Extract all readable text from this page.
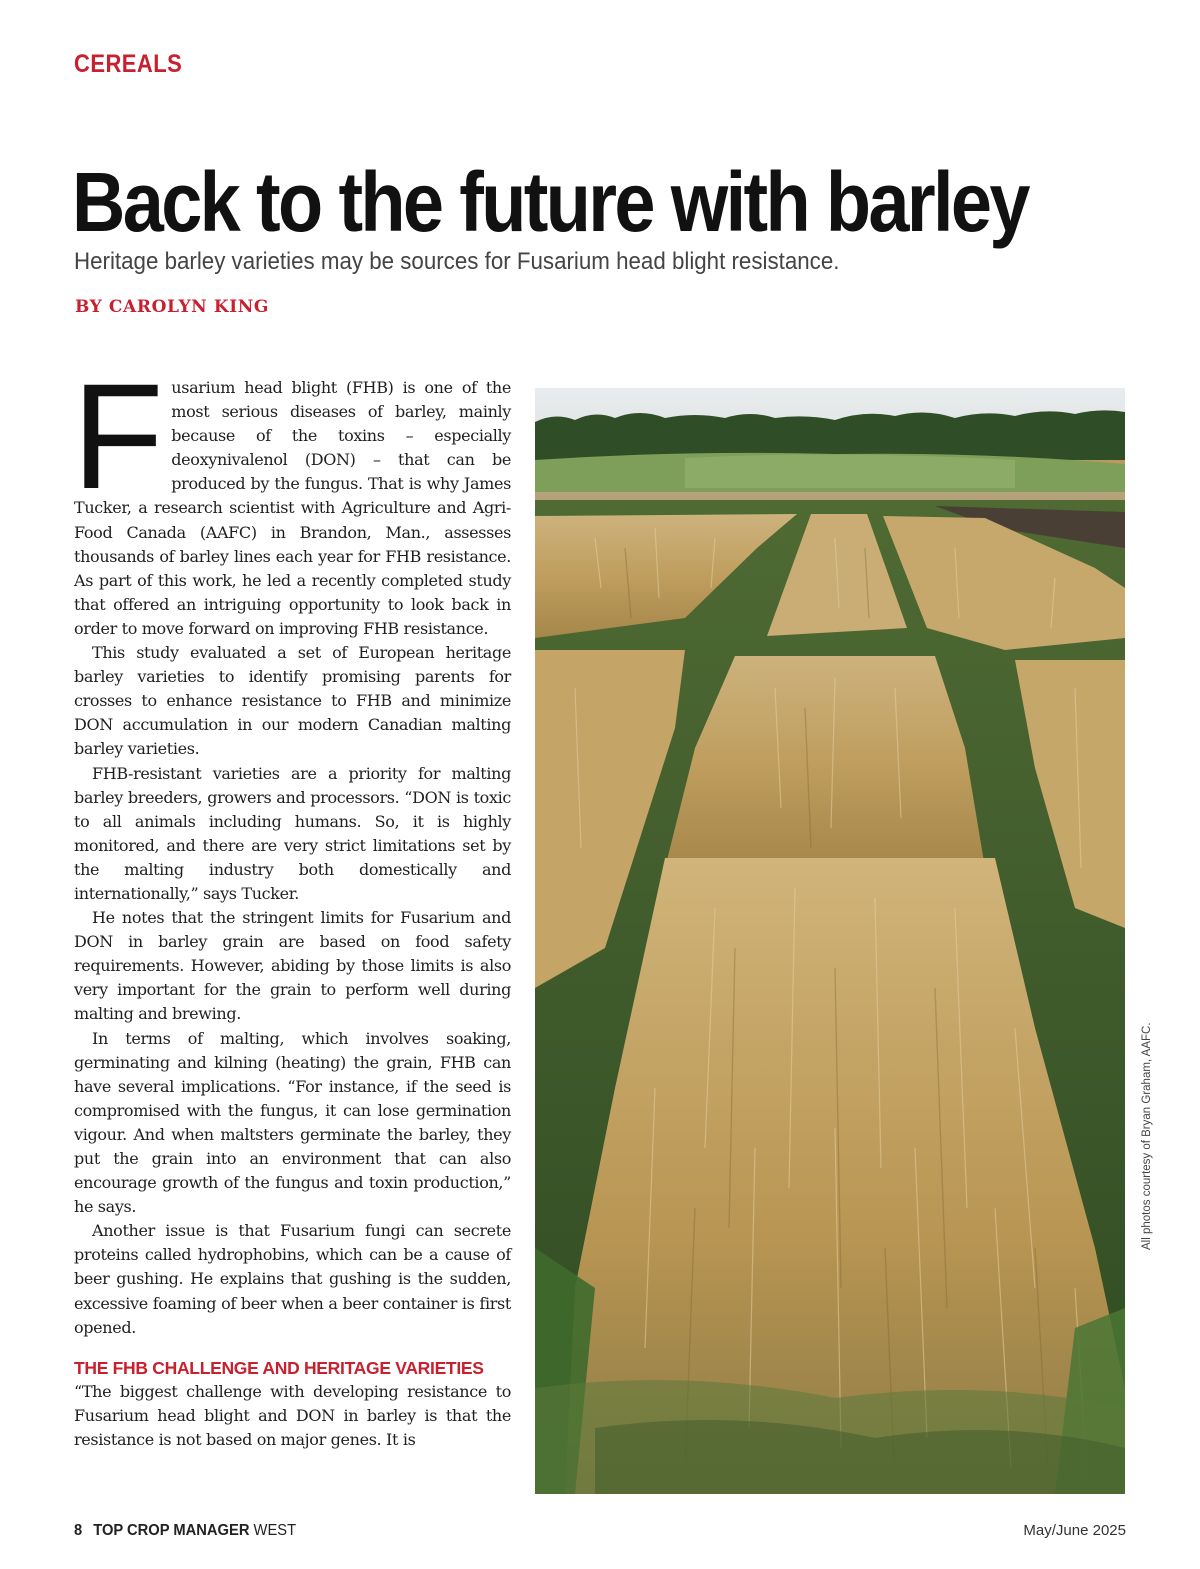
CEREALS
Back to the future with barley
Heritage barley varieties may be sources for Fusarium head blight resistance.
BY CAROLYN KING

Fusarium head blight (FHB) is one of the most serious diseases of barley, mainly because of the toxins – especially deoxynivalenol (DON) – that can be produced by the fungus. That is why James Tucker, a research scientist with Agriculture and Agri-Food Canada (AAFC) in Brandon, Man., assesses thousands of barley lines each year for FHB resistance. As part of this work, he led a recently completed study that offered an intriguing opportunity to look back in order to move forward on improving FHB resistance.

This study evaluated a set of European heritage barley varieties to identify promising parents for crosses to enhance resistance to FHB and minimize DON accumulation in our modern Canadian malting barley varieties.

FHB-resistant varieties are a priority for malting barley breeders, growers and processors. “DON is toxic to all animals including humans. So, it is highly monitored, and there are very strict limitations set by the malting industry both domestically and internationally,” says Tucker.

He notes that the stringent limits for Fusarium and DON in barley grain are based on food safety requirements. However, abiding by those limits is also very important for the grain to perform well during malting and brewing.

In terms of malting, which involves soaking, germinating and kilning (heating) the grain, FHB can have several implications. “For instance, if the seed is compromised with the fungus, it can lose germination vigour. And when maltsters germinate the barley, they put the grain into an environment that can also encourage growth of the fungus and toxin production,” he says.

Another issue is that Fusarium fungi can secrete proteins called hydrophobins, which can be a cause of beer gushing. He explains that gushing is the sudden, excessive foaming of beer when a beer container is first opened.

THE FHB CHALLENGE AND HERITAGE VARIETIES

“The biggest challenge with developing resistance to Fusarium head blight and DON in barley is that the resistance is not based on major genes. It is

All photos courtesy of Bryan Graham, AAFC.
8 TOP CROP MANAGER WEST	May/June 2025
